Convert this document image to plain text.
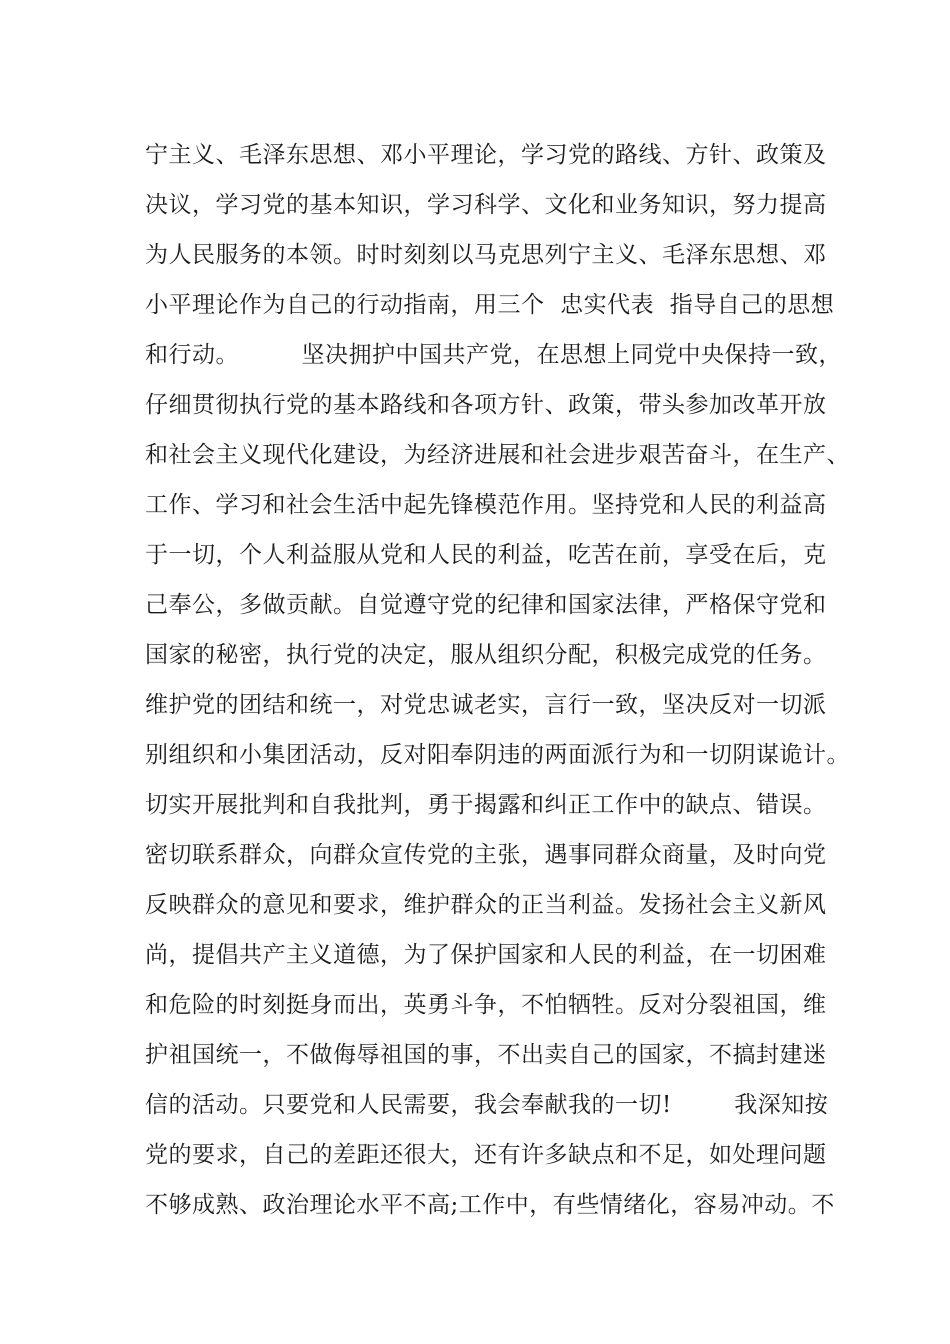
宁主义、毛泽东思想、邓小平理论，学习党的路线、方针、政策及
决议，学习党的基本知识，学习科学、文化和业务知识，努力提高
为人民服务的本领。时时刻刻以马克思列宁主义、毛泽东思想、邓
小平理论作为自己的行动指南，用三个  忠实代表  指导自己的思想
和行动。        坚决拥护中国共产党，在思想上同党中央保持一致，
仔细贯彻执行党的基本路线和各项方针、政策，带头参加改革开放
和社会主义现代化建设，为经济进展和社会进步艰苦奋斗，在生产、
工作、学习和社会生活中起先锋模范作用。坚持党和人民的利益高
于一切，个人利益服从党和人民的利益，吃苦在前，享受在后，克
己奉公，多做贡献。自觉遵守党的纪律和国家法律，严格保守党和
国家的秘密，执行党的决定，服从组织分配，积极完成党的任务。
维护党的团结和统一，对党忠诚老实，言行一致，坚决反对一切派
别组织和小集团活动，反对阳奉阴违的两面派行为和一切阴谋诡计。
切实开展批判和自我批判，勇于揭露和纠正工作中的缺点、错误。
密切联系群众，向群众宣传党的主张，遇事同群众商量，及时向党
反映群众的意见和要求，维护群众的正当利益。发扬社会主义新风
尚，提倡共产主义道德，为了保护国家和人民的利益，在一切困难
和危险的时刻挺身而出，英勇斗争，不怕牺牲。反对分裂祖国，维
护祖国统一，不做侮辱祖国的事，不出卖自己的国家，不搞封建迷
信的活动。只要党和人民需要，我会奉献我的一切!        我深知按
党的要求，自己的差距还很大，还有许多缺点和不足，如处理问题
不够成熟、政治理论水平不高;工作中，有些情绪化，容易冲动。不
